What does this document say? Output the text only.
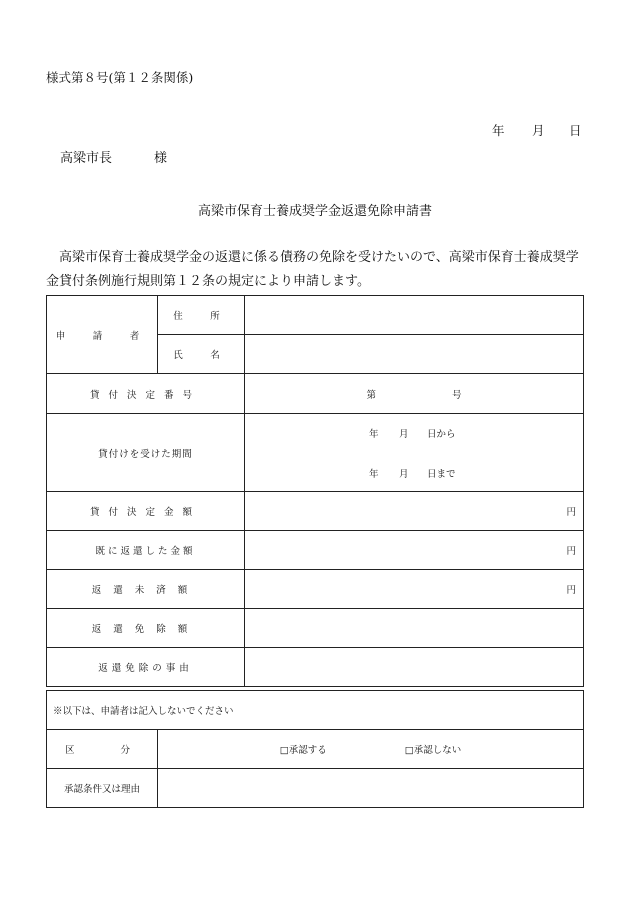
様式第８号(第１２条関係)
年 月 日
高梁市長	様
高梁市保育士養成奨学金返還免除申請書
高梁市保育士養成奨学金の返還に係る債務の免除を受けたいので、高梁市保育士養成奨学金貸付条例施行規則第１２条の規定により申請します。
申　請　者	住　所	
	氏　名	
貸付決定番号		第 号
貸付けを受けた期間		年 月 日から
年 月 日まで

貸付決定金額		円
既に返還した金額		円
返還未済額		円
返還免除額		
返還免除の事由		
※以下は、申請者は記入しないでください	
区　　分	□承認する □承認しない
承認条件又は理由	
